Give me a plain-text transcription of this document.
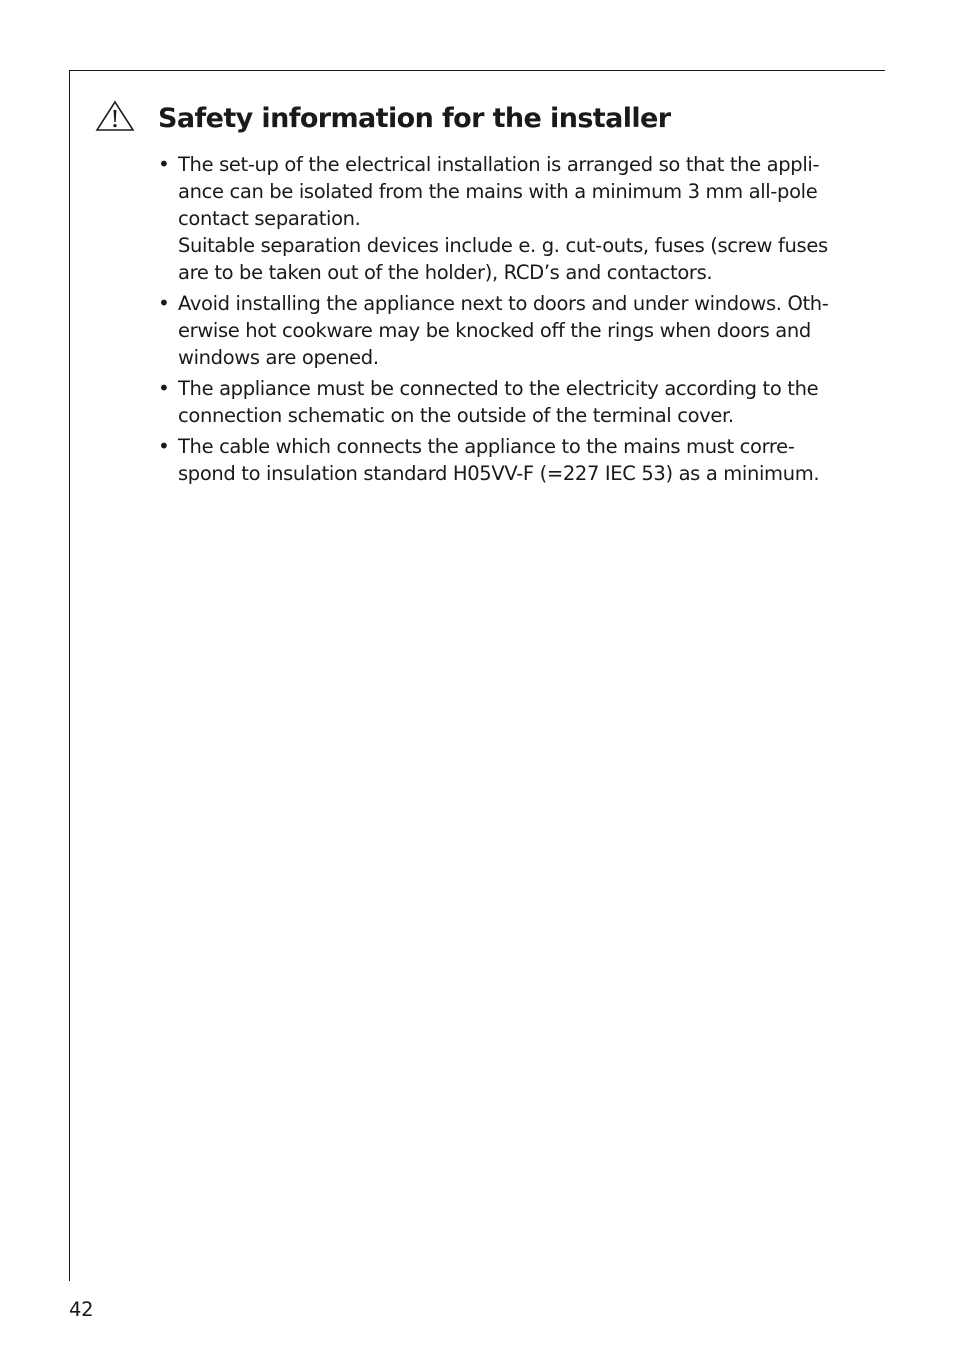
Safety information for the installer
• The set-up of the electrical installation is arranged so that the appli-
ance can be isolated from the mains with a minimum 3 mm all-pole
contact separation.
Suitable separation devices include e. g. cut-outs, fuses (screw fuses
are to be taken out of the holder), RCD’s and contactors.
• Avoid installing the appliance next to doors and under windows. Oth-
erwise hot cookware may be knocked off the rings when doors and
windows are opened.
• The appliance must be connected to the electricity according to the
connection schematic on the outside of the terminal cover.
• The cable which connects the appliance to the mains must corre-
spond to insulation standard H05VV-F (=227 IEC 53) as a minimum.
42
